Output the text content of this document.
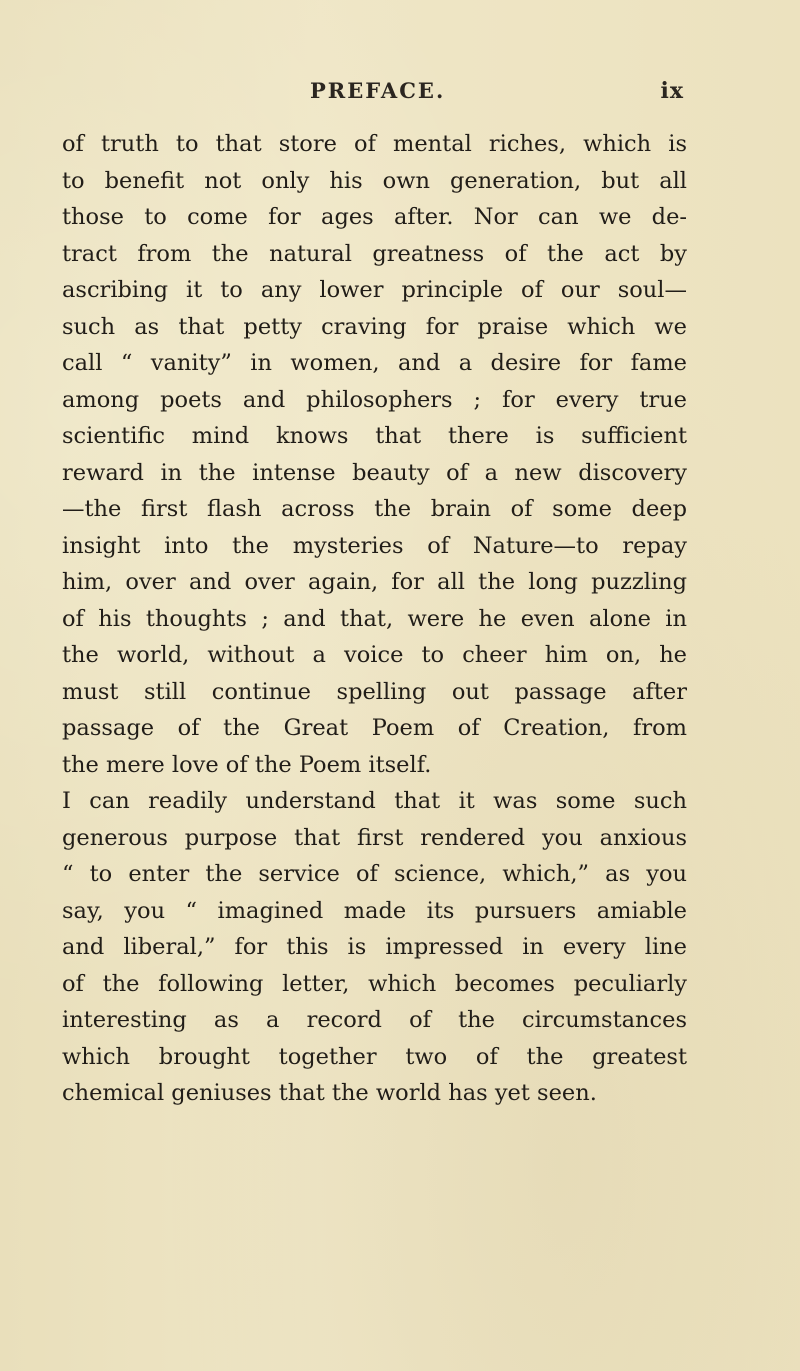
PREFACE.	ix
of truth to that store of mental riches, which is
to benefit not only his own generation, but all
those to come for ages after. Nor can we de-
tract from the natural greatness of the act by
ascribing it to any lower principle of our soul—
such as that petty craving for praise which we
call “ vanity” in women, and a desire for fame
among poets and philosophers ; for every true
scientific mind knows that there is sufficient
reward in the intense beauty of a new discovery
—the first flash across the brain of some deep
insight into the mysteries of Nature—to repay
him, over and over again, for all the long puzzling
of his thoughts ; and that, were he even alone in
the world, without a voice to cheer him on, he
must still continue spelling out passage after
passage of the Great Poem of Creation, from
the mere love of the Poem itself.
I can readily understand that it was some such
generous purpose that first rendered you anxious
“ to enter the service of science, which,” as you
say, you “ imagined made its pursuers amiable
and liberal,” for this is impressed in every line
of the following letter, which becomes peculiarly
interesting as a record of the circumstances
which brought together two of the greatest
chemical geniuses that the world has yet seen.
